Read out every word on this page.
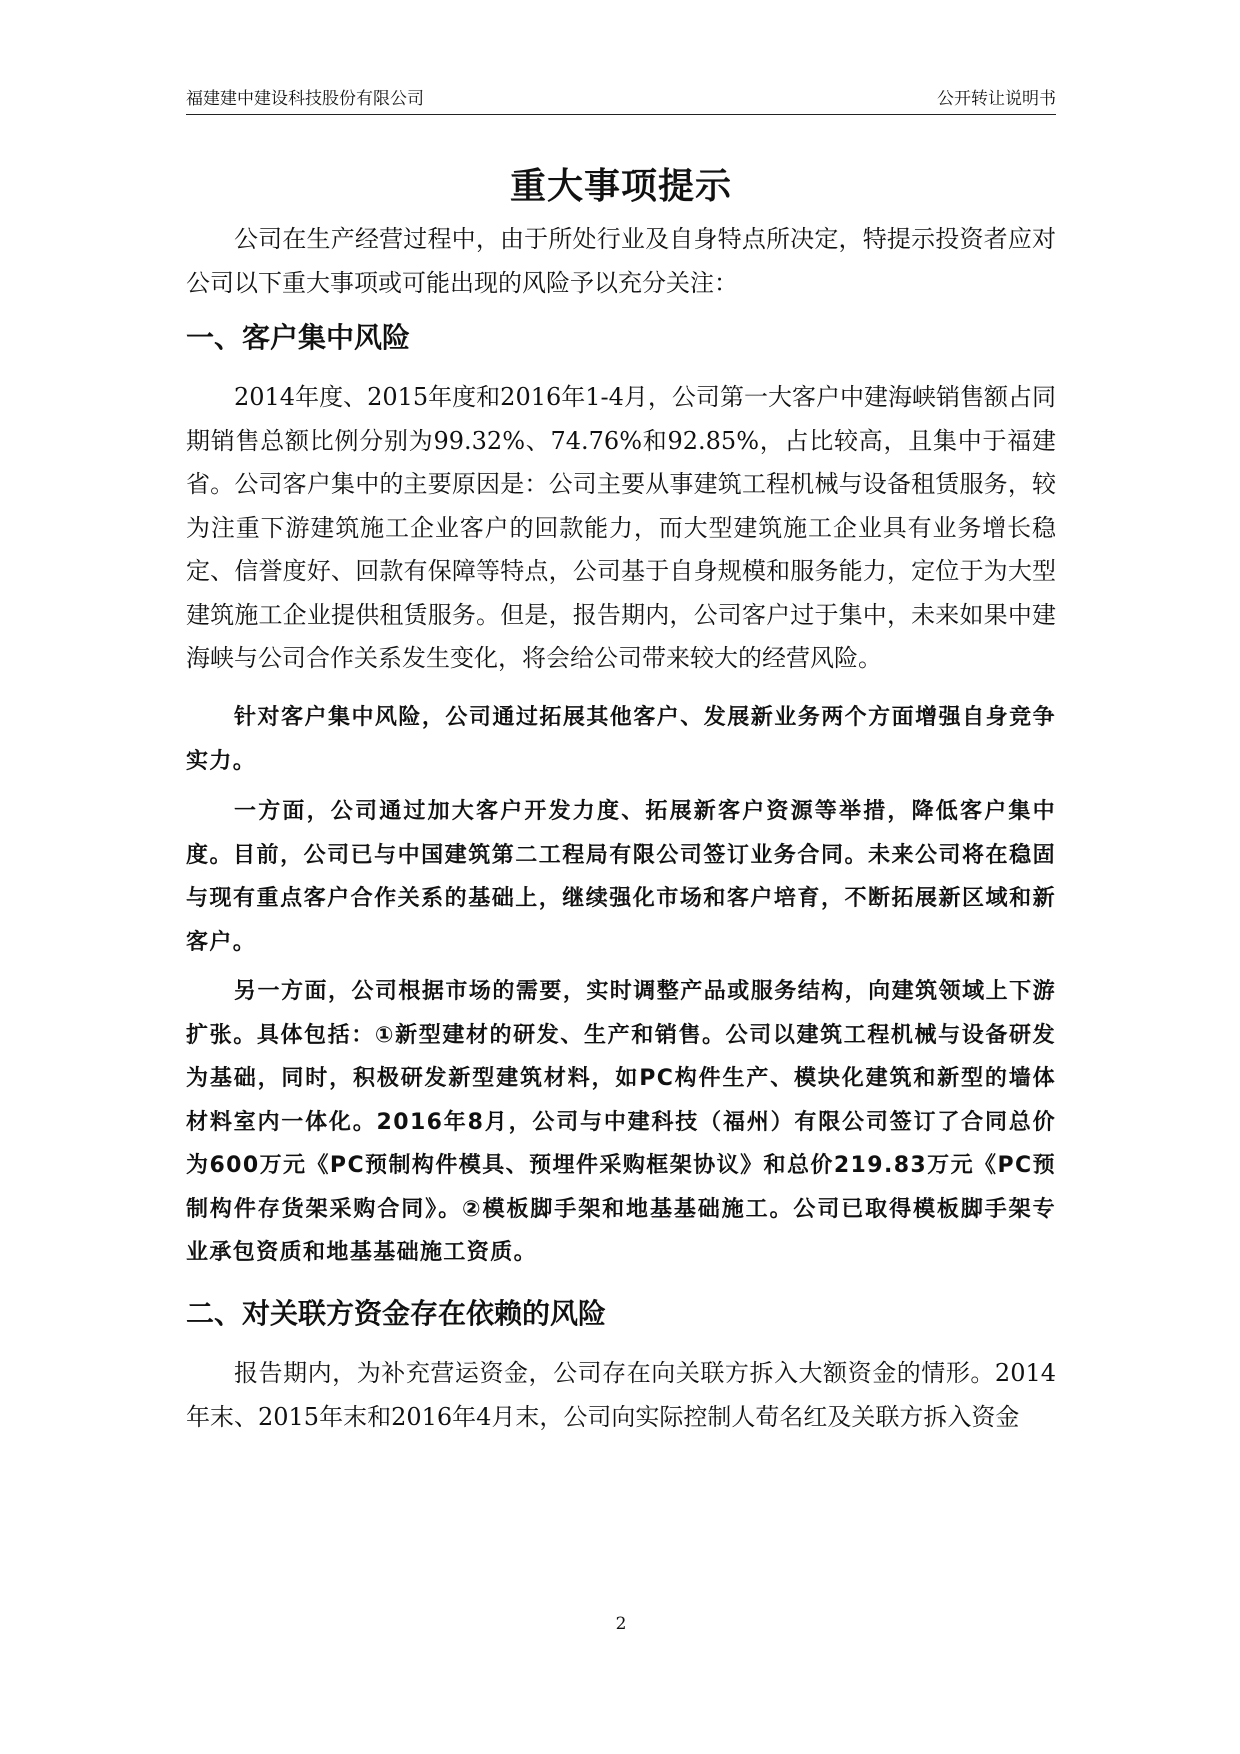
福建建中建设科技股份有限公司	公开转让说明书
重大事项提示

公司在生产经营过程中，由于所处行业及自身特点所决定，特提示投资者应对公司以下重大事项或可能出现的风险予以充分关注：

一、客户集中风险

2014年度、2015年度和2016年1-4月，公司第一大客户中建海峡销售额占同期销售总额比例分别为99.32%、74.76%和92.85%，占比较高，且集中于福建省。公司客户集中的主要原因是：公司主要从事建筑工程机械与设备租赁服务，较为注重下游建筑施工企业客户的回款能力，而大型建筑施工企业具有业务增长稳定、信誉度好、回款有保障等特点，公司基于自身规模和服务能力，定位于为大型建筑施工企业提供租赁服务。但是，报告期内，公司客户过于集中，未来如果中建海峡与公司合作关系发生变化，将会给公司带来较大的经营风险。

针对客户集中风险，公司通过拓展其他客户、发展新业务两个方面增强自身竞争实力。

一方面，公司通过加大客户开发力度、拓展新客户资源等举措，降低客户集中度。目前，公司已与中国建筑第二工程局有限公司签订业务合同。未来公司将在稳固与现有重点客户合作关系的基础上，继续强化市场和客户培育，不断拓展新区域和新客户。

另一方面，公司根据市场的需要，实时调整产品或服务结构，向建筑领域上下游扩张。具体包括：①新型建材的研发、生产和销售。公司以建筑工程机械与设备研发为基础，同时，积极研发新型建筑材料，如PC构件生产、模块化建筑和新型的墙体材料室内一体化。2016年8月，公司与中建科技（福州）有限公司签订了合同总价为600万元《PC预制构件模具、预埋件采购框架协议》和总价219.83万元《PC预制构件存货架采购合同》。②模板脚手架和地基基础施工。公司已取得模板脚手架专业承包资质和地基基础施工资质。

二、对关联方资金存在依赖的风险

报告期内，为补充营运资金，公司存在向关联方拆入大额资金的情形。2014年末、2015年末和2016年4月末，公司向实际控制人荀名红及关联方拆入资金

2
